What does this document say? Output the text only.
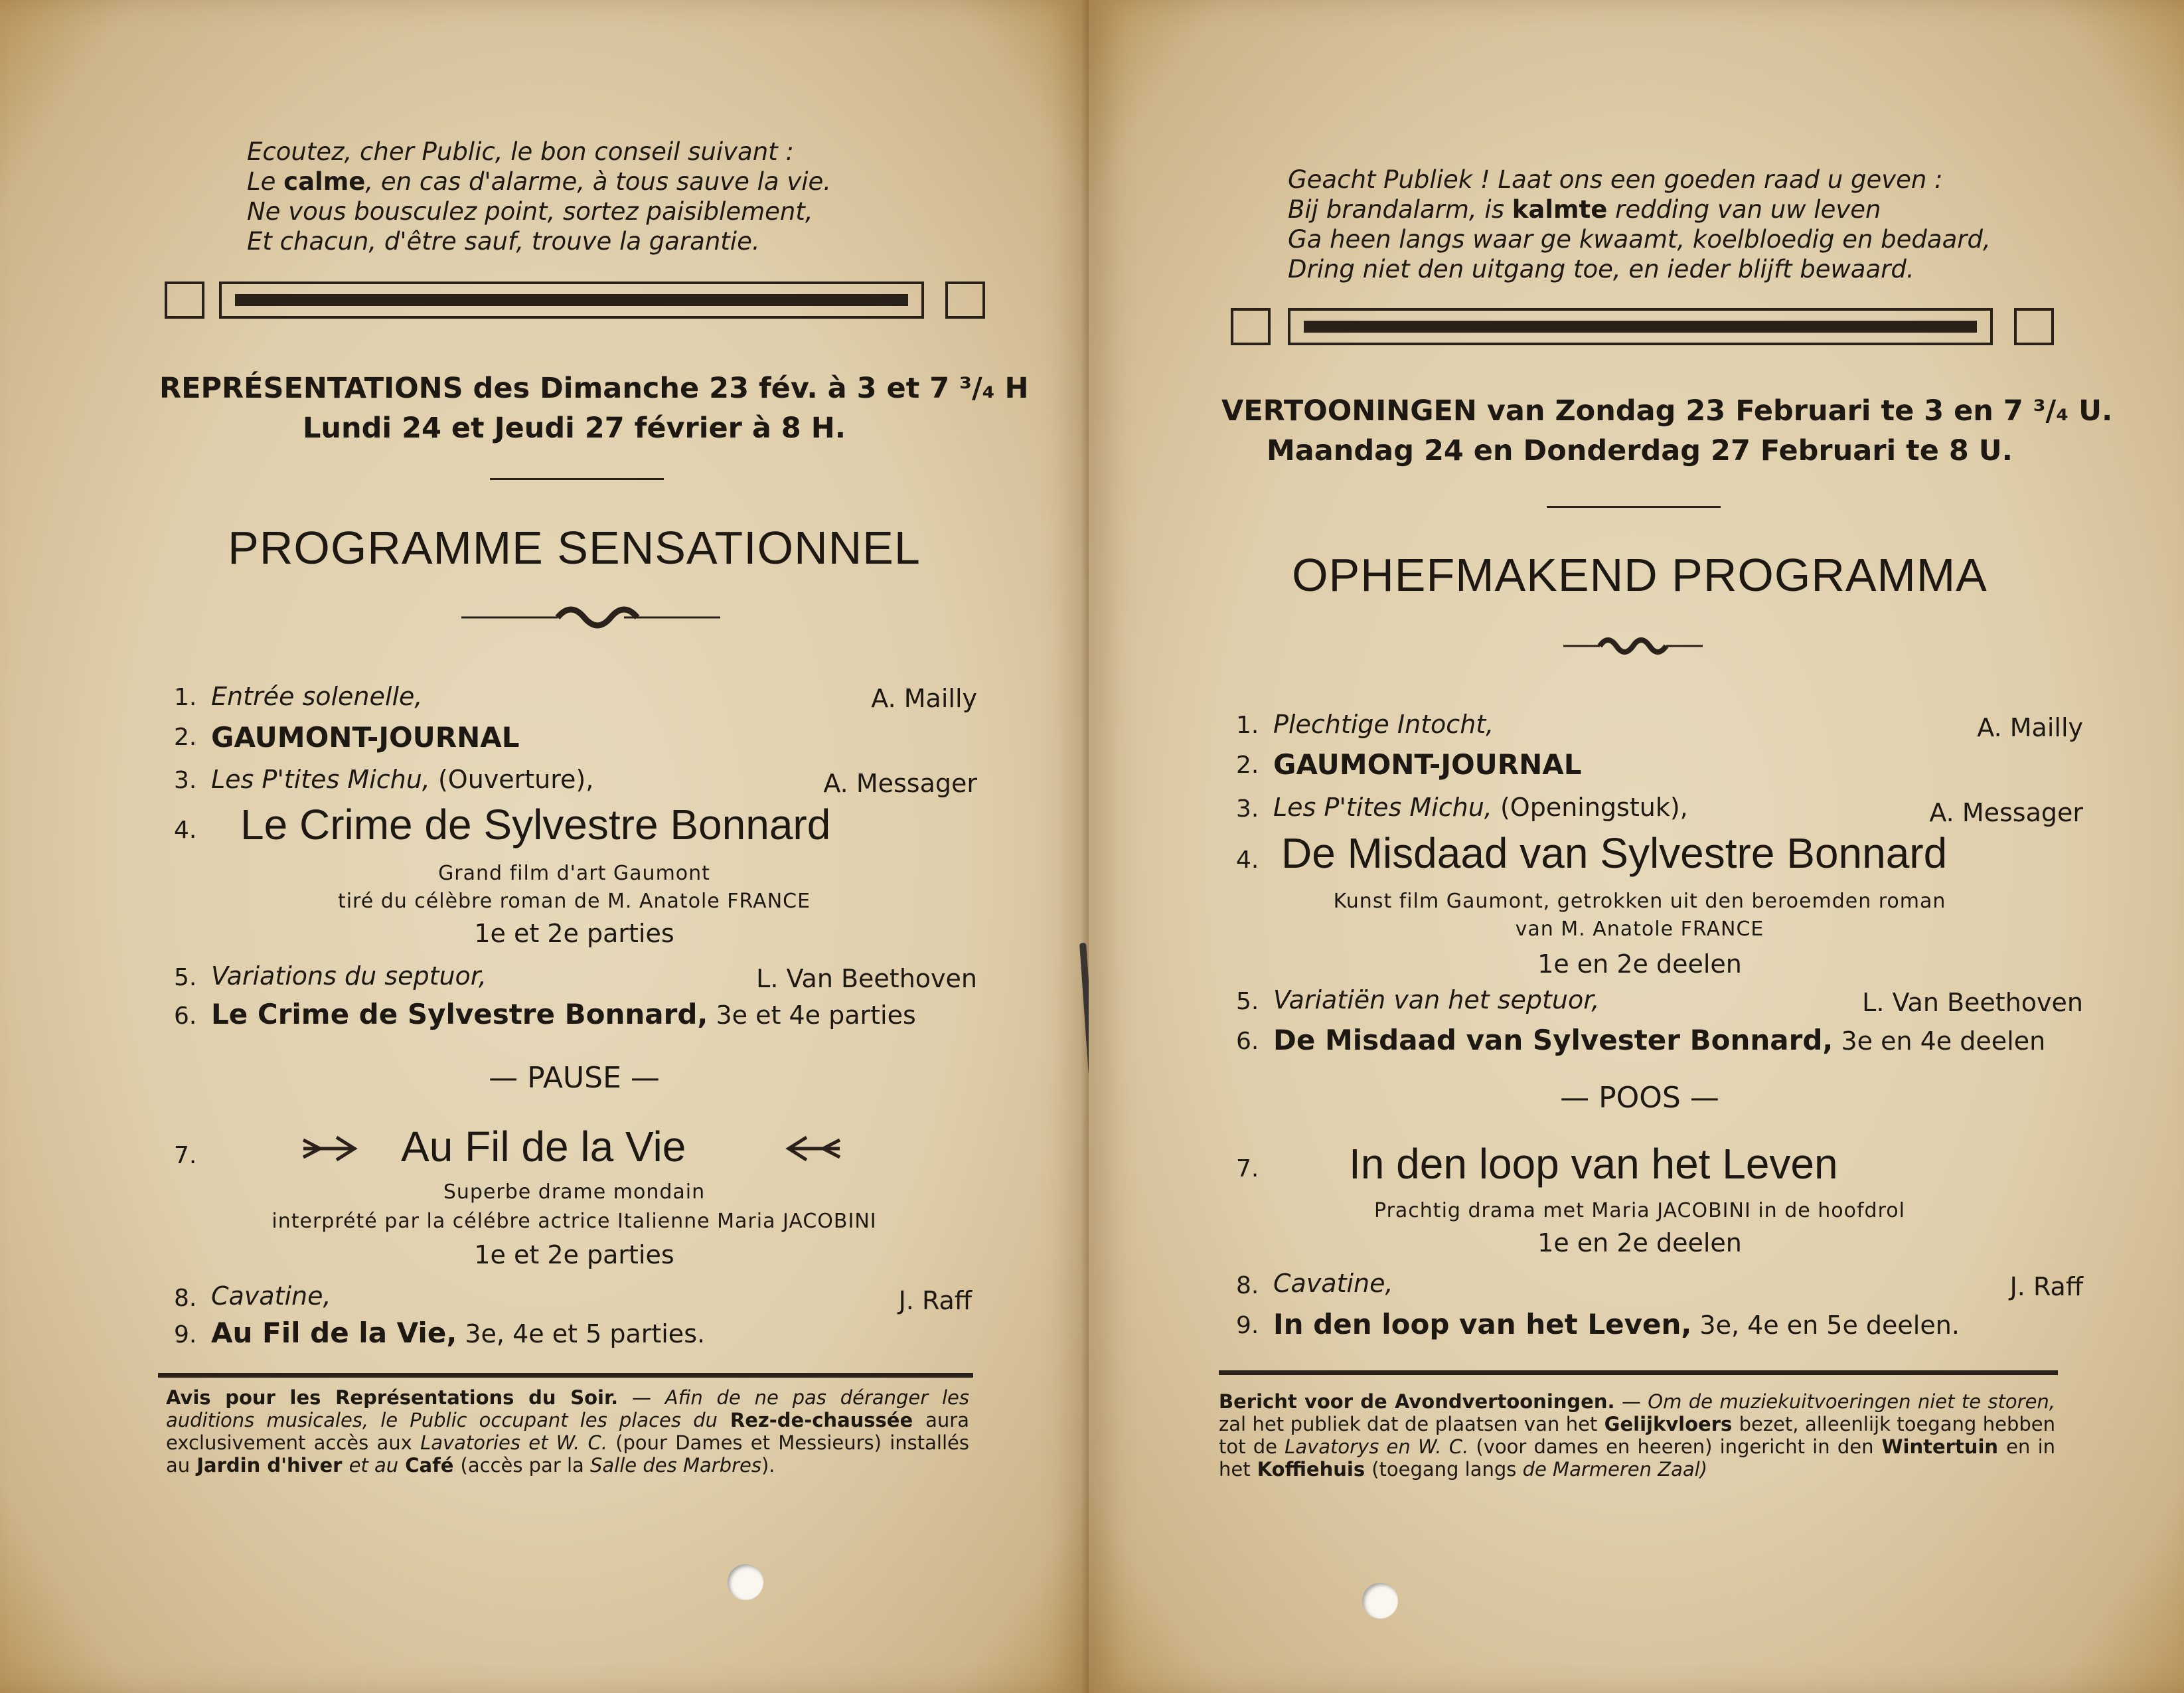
Ecoutez, cher Public, le bon conseil suivant :
Le calme, en cas d'alarme, à tous sauve la vie.
Ne vous bousculez point, sortez paisiblement,
Et chacun, d'être sauf, trouve la garantie.
REPRÉSENTATIONS des Dimanche 23 fév. à 3 et 7 ³/₄ H
Lundi 24 et Jeudi 27 février à 8 H.
PROGRAMME SENSATIONNEL
1. Entrée solenelle,	A. Mailly
2. GAUMONT-JOURNAL
3. Les P'tites Michu, (Ouverture),	A. Messager
4. Le Crime de Sylvestre Bonnard
Grand film d'art Gaumont
tiré du célèbre roman de M. Anatole FRANCE
1e et 2e parties
5. Variations du septuor,	L. Van Beethoven
6. Le Crime de Sylvestre Bonnard, 3e et 4e parties
— PAUSE —
7.	Au Fil de la Vie
Superbe drame mondain
interprété par la célébre actrice Italienne Maria JACOBINI
1e et 2e parties
8. Cavatine,	J. Raff
9. Au Fil de la Vie, 3e, 4e et 5 parties.
Avis pour les Représentations du Soir. — Afin de ne pas déranger les auditions musicales, le Public occupant les places du Rez-de-chaussée aura exclusivement accès aux Lavatories et W. C. (pour Dames et Messieurs) installés au Jardin d'hiver et au Café (accès par la Salle des Marbres).
Geacht Publiek ! Laat ons een goeden raad u geven :
Bij brandalarm, is kalmte redding van uw leven
Ga heen langs waar ge kwaamt, koelbloedig en bedaard,
Dring niet den uitgang toe, en ieder blijft bewaard.
VERTOONINGEN van Zondag 23 Februari te 3 en 7 ³/₄ U.
Maandag 24 en Donderdag 27 Februari te 8 U.
OPHEFMAKEND PROGRAMMA
1. Plechtige Intocht,	A. Mailly
2. GAUMONT-JOURNAL
3. Les P'tites Michu, (Openingstuk),	A. Messager
4. De Misdaad van Sylvestre Bonnard
Kunst film Gaumont, getrokken uit den beroemden roman
van M. Anatole FRANCE
1e en 2e deelen
5. Variatiën van het septuor,	L. Van Beethoven
6. De Misdaad van Sylvester Bonnard, 3e en 4e deelen
— POOS —
7. In den loop van het Leven
Prachtig drama met Maria JACOBINI in de hoofdrol
1e en 2e deelen
8. Cavatine,	J. Raff
9. In den loop van het Leven, 3e, 4e en 5e deelen.
Bericht voor de Avondvertooningen. — Om de muziekuitvoeringen niet te storen, zal het publiek dat de plaatsen van het Gelijkvloers bezet, alleenlijk toegang hebben tot de Lavatorys en W. C. (voor dames en heeren) ingericht in den Wintertuin en in het Koffiehuis (toegang langs de Marmeren Zaal)
